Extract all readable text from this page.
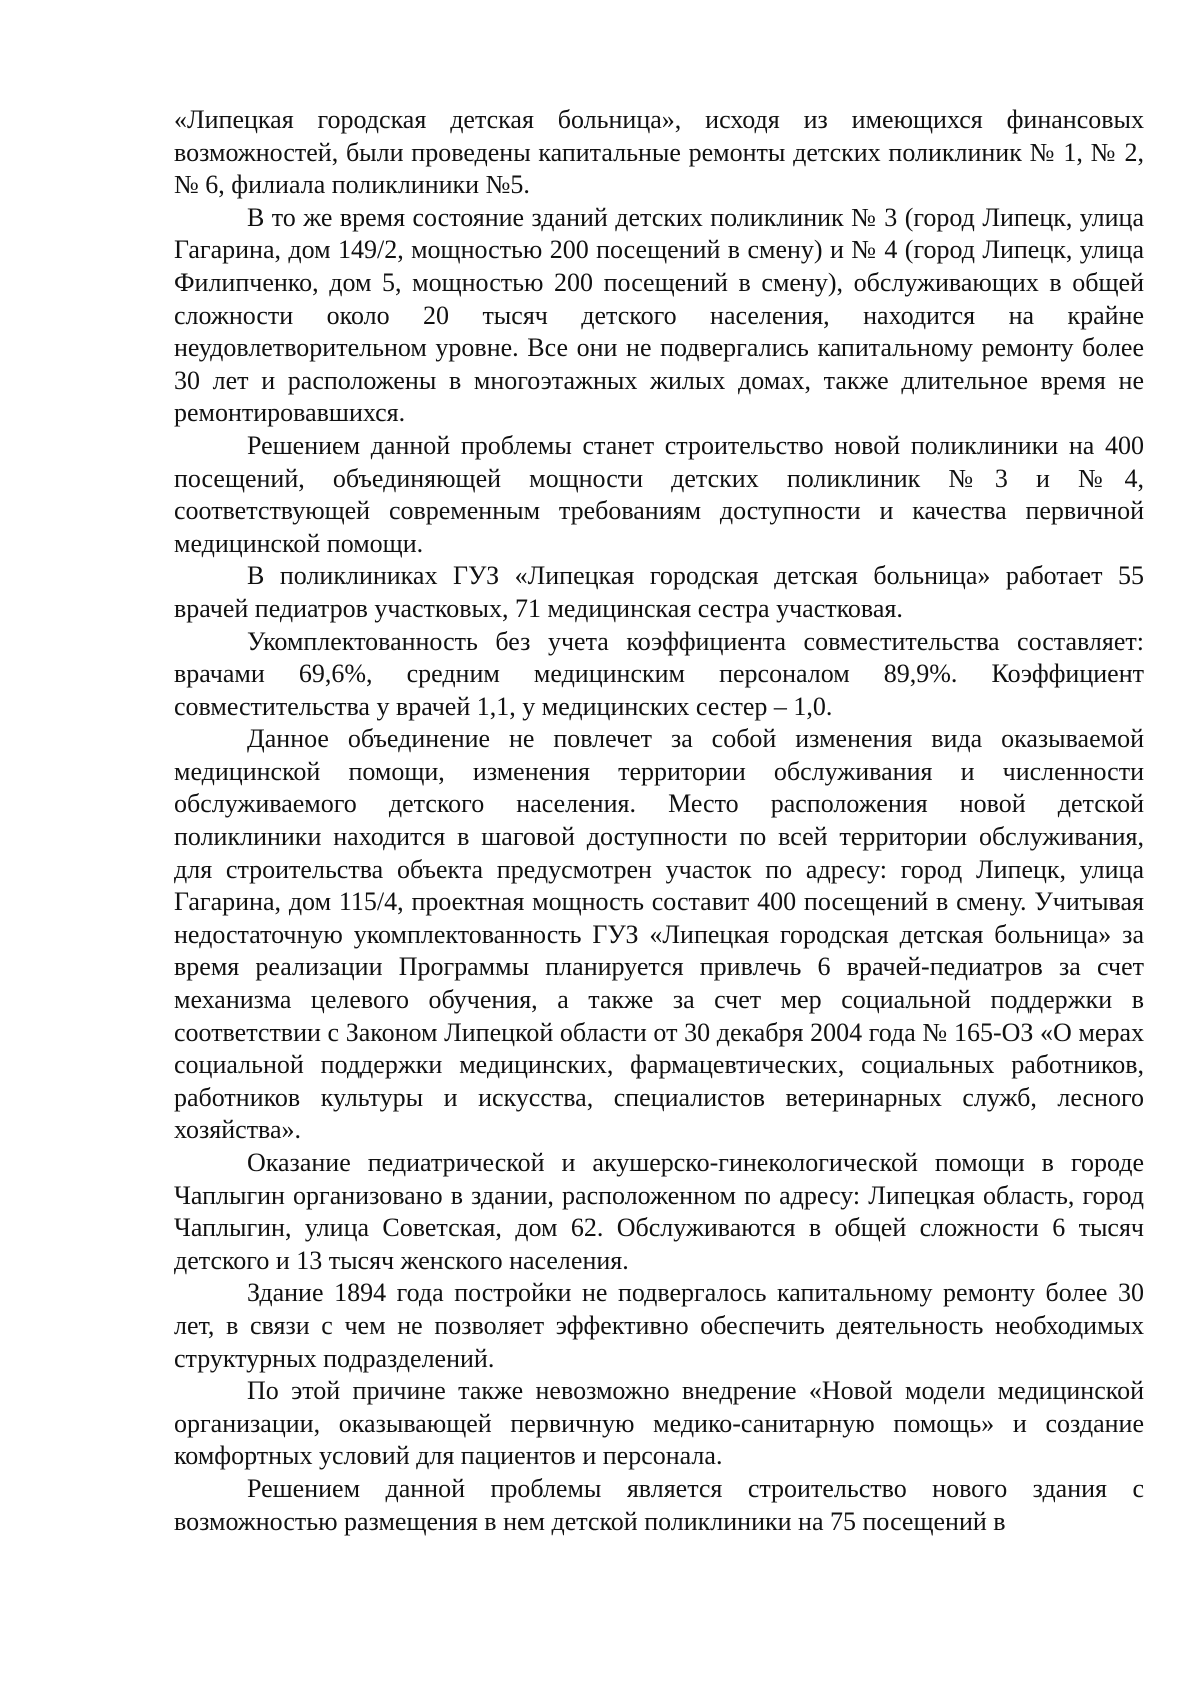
«Липецкая городская детская больница», исходя из имеющихся финансовых возможностей, были проведены капитальные ремонты детских поликлиник № 1, № 2, № 6, филиала поликлиники №5.

В то же время состояние зданий детских поликлиник № 3 (город Липецк, улица Гагарина, дом 149/2, мощностью 200 посещений в смену) и № 4 (город Липецк, улица Филипченко, дом 5, мощностью 200 посещений в смену), обслуживающих в общей сложности около 20 тысяч детского населения, находится на крайне неудовлетворительном уровне. Все они не подвергались капитальному ремонту более 30 лет и расположены в многоэтажных жилых домах, также длительное время не ремонтировавшихся.

Решением данной проблемы станет строительство новой поликлиники на 400 посещений, объединяющей мощности детских поликлиник №3 и №4, соответствующей современным требованиям доступности и качества первичной медицинской помощи.

В поликлиниках ГУЗ «Липецкая городская детская больница» работает 55 врачей педиатров участковых, 71 медицинская сестра участковая.

Укомплектованность без учета коэффициента совместительства составляет: врачами 69,6%, средним медицинским персоналом 89,9%. Коэффициент совместительства у врачей 1,1, у медицинских сестер – 1,0.

Данное объединение не повлечет за собой изменения вида оказываемой медицинской помощи, изменения территории обслуживания и численности обслуживаемого детского населения. Место расположения новой детской поликлиники находится в шаговой доступности по всей территории обслуживания, для строительства объекта предусмотрен участок по адресу: город Липецк, улица Гагарина, дом 115/4, проектная мощность составит 400 посещений в смену. Учитывая недостаточную укомплектованность ГУЗ «Липецкая городская детская больница» за время реализации Программы планируется привлечь 6 врачей-педиатров за счет механизма целевого обучения, а также за счет мер социальной поддержки в соответствии с Законом Липецкой области от 30 декабря 2004 года № 165-ОЗ «О мерах социальной поддержки медицинских, фармацевтических, социальных работников, работников культуры и искусства, специалистов ветеринарных служб, лесного хозяйства».

Оказание педиатрической и акушерско-гинекологической помощи в городе Чаплыгин организовано в здании, расположенном по адресу: Липецкая область, город Чаплыгин, улица Советская, дом 62. Обслуживаются в общей сложности 6 тысяч детского и 13 тысяч женского населения.

Здание 1894 года постройки не подвергалось капитальному ремонту более 30 лет, в связи с чем не позволяет эффективно обеспечить деятельность необходимых структурных подразделений.

По этой причине также невозможно внедрение «Новой модели медицинской организации, оказывающей первичную медико-санитарную помощь» и создание комфортных условий для пациентов и персонала.

Решением данной проблемы является строительство нового здания с возможностью размещения в нем детской поликлиники на 75 посещений в
